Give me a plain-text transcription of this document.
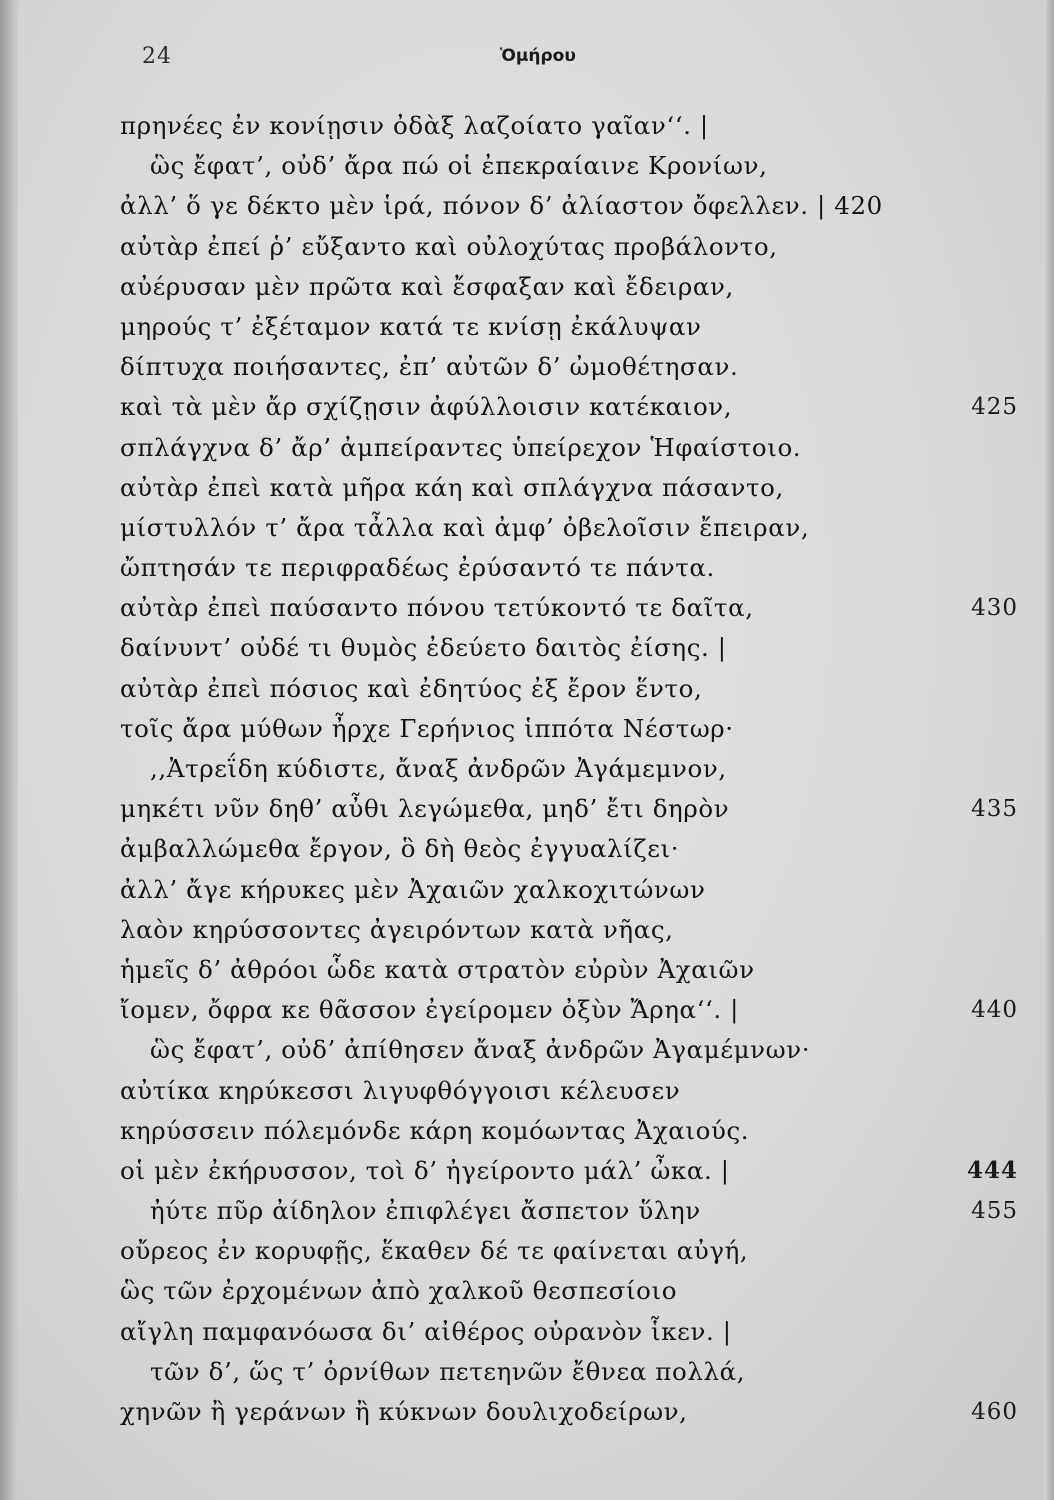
24	Ὁμήρου
πρηνέες ἐν κονίῃσιν ὀδὰξ λαζοίατο γαῖαν‘‘. |
ὣς ἔφατ’, οὐδ’ ἄρα πώ οἱ ἐπεκραίαινε Κρονίων,
ἀλλ’ ὅ γε δέκτο μὲν ἱρά, πόνον δ’ ἀλίαστον ὄφελλεν. | 420
αὐτὰρ ἐπεί ῥ’ εὔξαντο καὶ οὐλοχύτας προβάλοντο,
αὐέρυσαν μὲν πρῶτα καὶ ἔσφαξαν καὶ ἔδειραν,
μηρούς τ’ ἐξέταμον κατά τε κνίσῃ ἐκάλυψαν
δίπτυχα ποιήσαντες, ἐπ’ αὐτῶν δ’ ὠμοθέτησαν.
καὶ τὰ μὲν ἄρ σχίζῃσιν ἀφύλλοισιν κατέκαιον,	425
σπλάγχνα δ’ ἄρ’ ἀμπείραντες ὑπείρεχον Ἡφαίστοιο.
αὐτὰρ ἐπεὶ κατὰ μῆρα κάη καὶ σπλάγχνα πάσαντο,
μίστυλλόν τ’ ἄρα τἆλλα καὶ ἀμφ’ ὀβελοῖσιν ἔπειραν,
ὤπτησάν τε περιφραδέως ἐρύσαντό τε πάντα.
αὐτὰρ ἐπεὶ παύσαντο πόνου τετύκοντό τε δαῖτα,	430
δαίνυντ’ οὐδέ τι θυμὸς ἐδεύετο δαιτὸς ἐίσης. |
αὐτὰρ ἐπεὶ πόσιος καὶ ἐδητύος ἐξ ἔρον ἕντο,
τοῖς ἄρα μύθων ἦρχε Γερήνιος ἱππότα Νέστωρ·
,,Ἀτρεΐδη κύδιστε, ἄναξ ἀνδρῶν Ἀγάμεμνον,
μηκέτι νῦν δηθ’ αὖθι λεγώμεθα, μηδ’ ἔτι δηρὸν	435
ἀμβαλλώμεθα ἔργον, ὃ δὴ θεὸς ἐγγυαλίζει·
ἀλλ’ ἄγε κήρυκες μὲν Ἀχαιῶν χαλκοχιτώνων
λαὸν κηρύσσοντες ἀγειρόντων κατὰ νῆας,
ἡμεῖς δ’ ἀθρόοι ὧδε κατὰ στρατὸν εὐρὺν Ἀχαιῶν
ἴομεν, ὄφρα κε θᾶσσον ἐγείρομεν ὀξὺν Ἄρηα‘‘. |	440
ὣς ἔφατ’, οὐδ’ ἀπίθησεν ἄναξ ἀνδρῶν Ἀγαμέμνων·
αὐτίκα κηρύκεσσι λιγυφθόγγοισι κέλευσεν
κηρύσσειν πόλεμόνδε κάρη κομόωντας Ἀχαιούς.
οἱ μὲν ἐκήρυσσον, τοὶ δ’ ἠγείροντο μάλ’ ὦκα. |	444
ἠύτε πῦρ ἀίδηλον ἐπιφλέγει ἄσπετον ὕλην	455
οὔρεος ἐν κορυφῇς, ἕκαθεν δέ τε φαίνεται αὐγή,
ὣς τῶν ἐρχομένων ἀπὸ χαλκοῦ θεσπεσίοιο
αἴγλη παμφανόωσα δι’ αἰθέρος οὐρανὸν ἷκεν. |
τῶν δ’, ὥς τ’ ὀρνίθων πετεηνῶν ἔθνεα πολλά,
χηνῶν ἢ γεράνων ἢ κύκνων δουλιχοδείρων,	460
